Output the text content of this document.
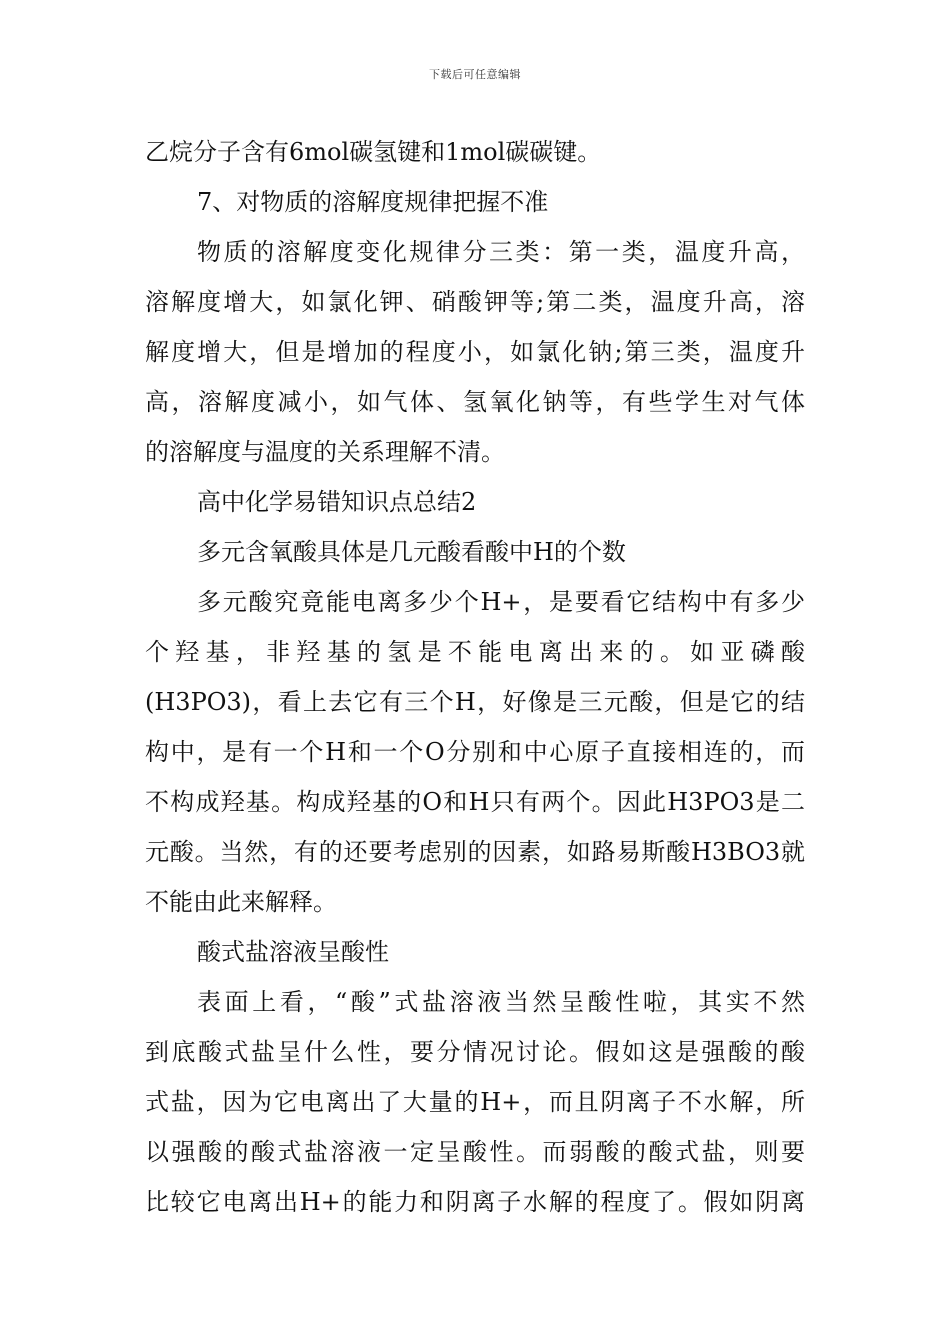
下载后可任意编辑
乙烷分子含有6mol碳氢键和1mol碳碳键。
7、对物质的溶解度规律把握不准
物质的溶解度变化规律分三类：第一类，温度升高，
溶解度增大，如氯化钾、硝酸钾等;第二类，温度升高，溶
解度增大，但是增加的程度小，如氯化钠;第三类，温度升
高，溶解度减小，如气体、氢氧化钠等，有些学生对气体
的溶解度与温度的关系理解不清。
高中化学易错知识点总结2
多元含氧酸具体是几元酸看酸中H的个数
多元酸究竟能电离多少个H+，是要看它结构中有多少
个羟基，非羟基的氢是不能电离出来的。如亚磷酸
(H3PO3)，看上去它有三个H，好像是三元酸，但是它的结
构中，是有一个H和一个O分别和中心原子直接相连的，而
不构成羟基。构成羟基的O和H只有两个。因此H3PO3是二
元酸。当然，有的还要考虑别的因素，如路易斯酸H3BO3就
不能由此来解释。
酸式盐溶液呈酸性
表面上看，“酸”式盐溶液当然呈酸性啦，其实不然
到底酸式盐呈什么性，要分情况讨论。假如这是强酸的酸
式盐，因为它电离出了大量的H+，而且阴离子不水解，所
以强酸的酸式盐溶液一定呈酸性。而弱酸的酸式盐，则要
比较它电离出H+的能力和阴离子水解的程度了。假如阴离
